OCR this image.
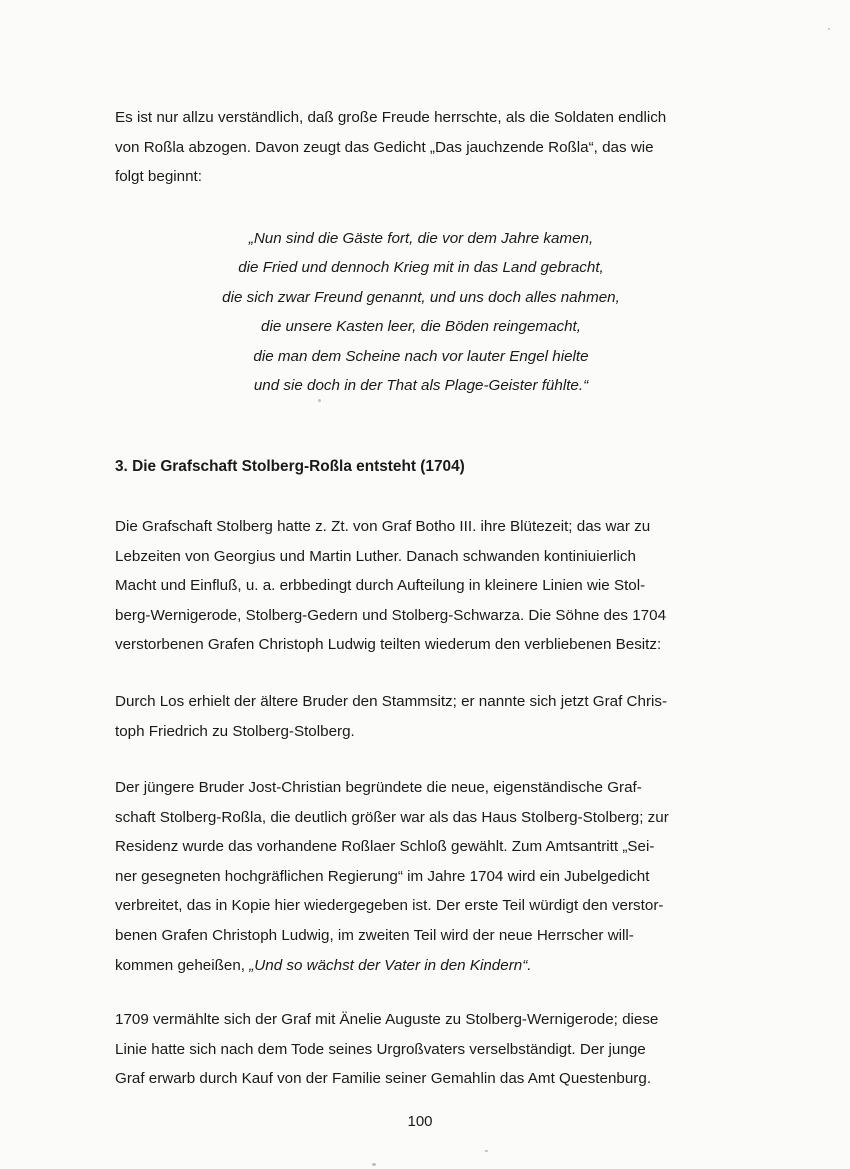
Es ist nur allzu verständlich, daß große Freude herrschte, als die Soldaten endlich
von Roßla abzogen. Davon zeugt das Gedicht „Das jauchzende Roßla“, das wie
folgt beginnt:

„Nun sind die Gäste fort, die vor dem Jahre kamen,
die Fried und dennoch Krieg mit in das Land gebracht,
die sich zwar Freund genannt, und uns doch alles nahmen,
die unsere Kasten leer, die Böden reingemacht,
die man dem Scheine nach vor lauter Engel hielte
und sie doch in der That als Plage-Geister fühlte.“

3. Die Grafschaft Stolberg-Roßla entsteht (1704)

Die Grafschaft Stolberg hatte z. Zt. von Graf Botho III. ihre Blütezeit; das war zu
Lebzeiten von Georgius und Martin Luther. Danach schwanden kontiniuierlich
Macht und Einfluß, u. a. erbbedingt durch Aufteilung in kleinere Linien wie Stol-
berg-Wernigerode, Stolberg-Gedern und Stolberg-Schwarza. Die Söhne des 1704
verstorbenen Grafen Christoph Ludwig teilten wiederum den verbliebenen Besitz:

Durch Los erhielt der ältere Bruder den Stammsitz; er nannte sich jetzt Graf Chris-
toph Friedrich zu Stolberg-Stolberg.

Der jüngere Bruder Jost-Christian begründete die neue, eigenständische Graf-
schaft Stolberg-Roßla, die deutlich größer war als das Haus Stolberg-Stolberg; zur
Residenz wurde das vorhandene Roßlaer Schloß gewählt. Zum Amtsantritt „Sei-
ner gesegneten hochgräflichen Regierung“ im Jahre 1704 wird ein Jubelgedicht
verbreitet, das in Kopie hier wiedergegeben ist. Der erste Teil würdigt den verstor-
benen Grafen Christoph Ludwig, im zweiten Teil wird der neue Herrscher will-
kommen geheißen, „Und so wächst der Vater in den Kindern“.

1709 vermählte sich der Graf mit Änelie Auguste zu Stolberg-Wernigerode; diese
Linie hatte sich nach dem Tode seines Urgroßvaters verselbständigt. Der junge
Graf erwarb durch Kauf von der Familie seiner Gemahlin das Amt Questenburg.

100
